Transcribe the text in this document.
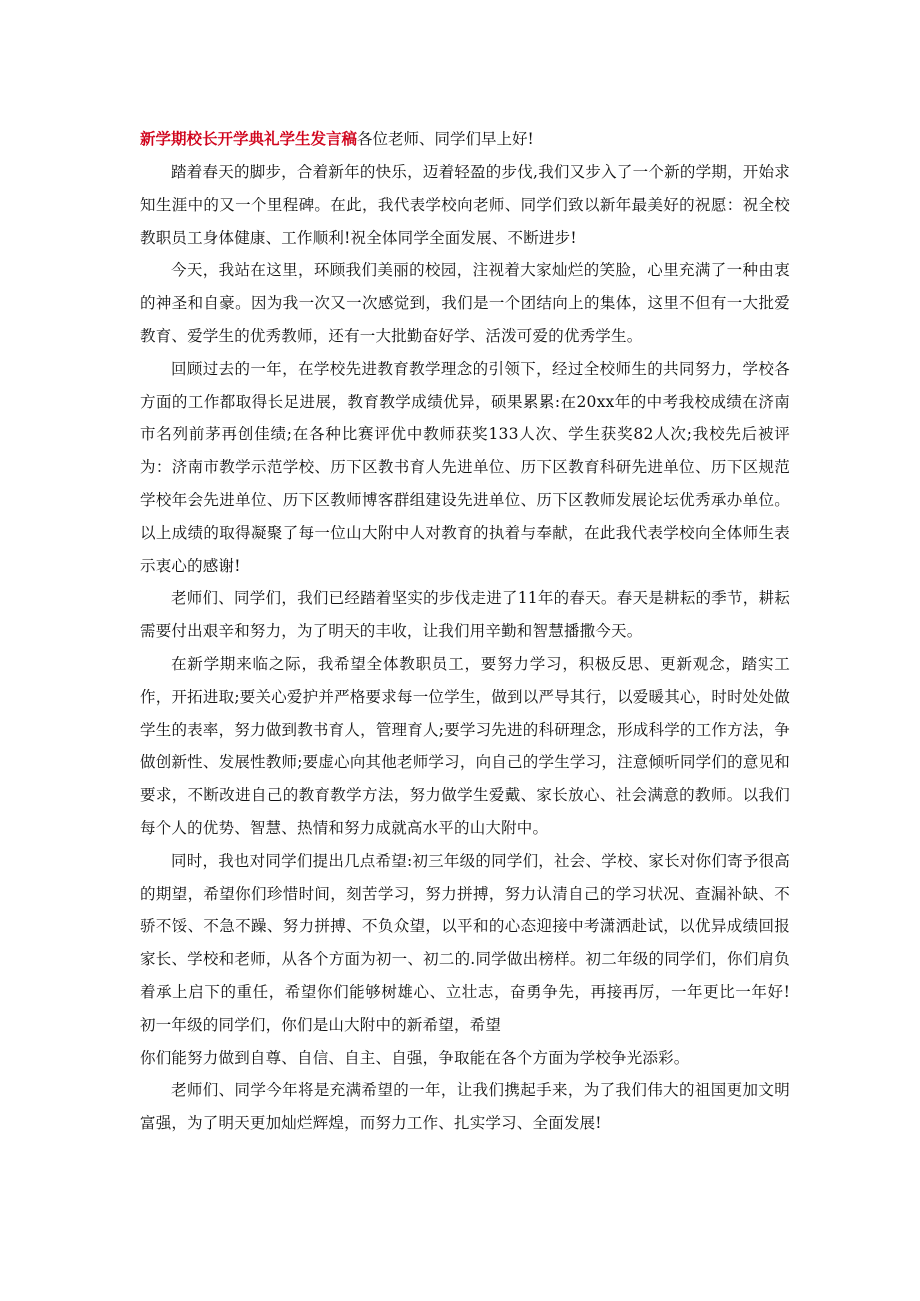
新学期校长开学典礼学生发言稿各位老师、同学们早上好!

踏着春天的脚步，合着新年的快乐，迈着轻盈的步伐,我们又步入了一个新的学期，开始求知生涯中的又一个里程碑。在此，我代表学校向老师、同学们致以新年最美好的祝愿：祝全校教职员工身体健康、工作顺利!祝全体同学全面发展、不断进步!

今天，我站在这里，环顾我们美丽的校园，注视着大家灿烂的笑脸，心里充满了一种由衷的神圣和自豪。因为我一次又一次感觉到，我们是一个团结向上的集体，这里不但有一大批爱教育、爱学生的优秀教师，还有一大批勤奋好学、活泼可爱的优秀学生。

回顾过去的一年，在学校先进教育教学理念的引领下，经过全校师生的共同努力，学校各方面的工作都取得长足进展，教育教学成绩优异，硕果累累:在20xx年的中考我校成绩在济南市名列前茅再创佳绩;在各种比赛评优中教师获奖133人次、学生获奖82人次;我校先后被评为：济南市教学示范学校、历下区教书育人先进单位、历下区教育科研先进单位、历下区规范学校年会先进单位、历下区教师博客群组建设先进单位、历下区教师发展论坛优秀承办单位。以上成绩的取得凝聚了每一位山大附中人对教育的执着与奉献，在此我代表学校向全体师生表示衷心的感谢!

老师们、同学们，我们已经踏着坚实的步伐走进了11年的春天。春天是耕耘的季节，耕耘需要付出艰辛和努力，为了明天的丰收，让我们用辛勤和智慧播撒今天。

在新学期来临之际，我希望全体教职员工，要努力学习，积极反思、更新观念，踏实工作，开拓进取;要关心爱护并严格要求每一位学生，做到以严导其行，以爱暖其心，时时处处做学生的表率，努力做到教书育人，管理育人;要学习先进的科研理念，形成科学的工作方法，争做创新性、发展性教师;要虚心向其他老师学习，向自己的学生学习，注意倾听同学们的意见和要求，不断改进自己的教育教学方法，努力做学生爱戴、家长放心、社会满意的教师。以我们每个人的优势、智慧、热情和努力成就高水平的山大附中。

同时，我也对同学们提出几点希望:初三年级的同学们，社会、学校、家长对你们寄予很高的期望，希望你们珍惜时间，刻苦学习，努力拼搏，努力认清自己的学习状况、查漏补缺、不骄不馁、不急不躁、努力拼搏、不负众望，以平和的心态迎接中考潇洒赴试，以优异成绩回报家长、学校和老师，从各个方面为初一、初二的.同学做出榜样。初二年级的同学们，你们肩负着承上启下的重任，希望你们能够树雄心、立壮志，奋勇争先，再接再厉，一年更比一年好!初一年级的同学们，你们是山大附中的新希望，希望

你们能努力做到自尊、自信、自主、自强，争取能在各个方面为学校争光添彩。

老师们、同学今年将是充满希望的一年，让我们携起手来，为了我们伟大的祖国更加文明富强，为了明天更加灿烂辉煌，而努力工作、扎实学习、全面发展!
